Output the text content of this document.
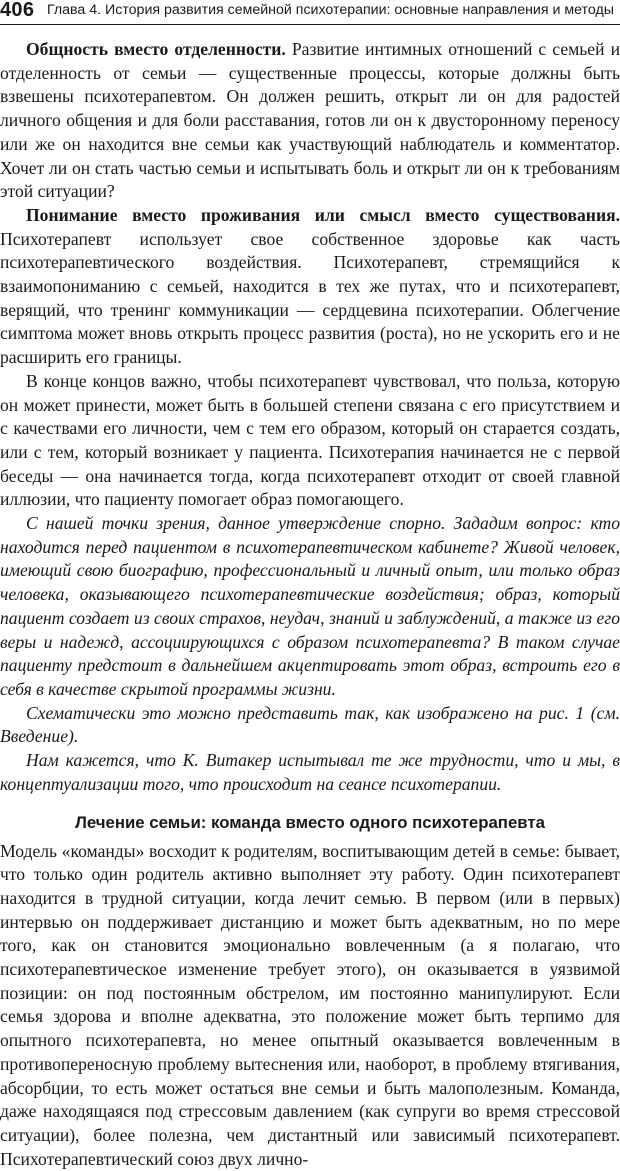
406 Глава 4. История развития семейной психотерапии: основные направления и методы

Общность вместо отделенности. Развитие интимных отношений с семьей и отделенность от семьи — существенные процессы, которые должны быть взвешены психотерапевтом. Он должен решить, открыт ли он для радостей личного общения и для боли расставания, готов ли он к двусторонному переносу или же он находится вне семьи как участвующий наблюдатель и комментатор. Хочет ли он стать частью семьи и испытывать боль и открыт ли он к требованиям этой ситуации?

Понимание вместо проживания или смысл вместо существования. Психотерапевт использует свое собственное здоровье как часть психотерапевтического воздействия. Психотерапевт, стремящийся к взаимопониманию с семьей, находится в тех же путах, что и психотерапевт, верящий, что тренинг коммуникации — сердцевина психотерапии. Облегчение симптома может вновь открыть процесс развития (роста), но не ускорить его и не расширить его границы.

В конце концов важно, чтобы психотерапевт чувствовал, что польза, которую он может принести, может быть в большей степени связана с его присутствием и с качествами его личности, чем с тем его образом, который он старается создать, или с тем, который возникает у пациента. Психотерапия начинается не с первой беседы — она начинается тогда, когда психотерапевт отходит от своей главной иллюзии, что пациенту помогает образ помогающего.

С нашей точки зрения, данное утверждение спорно. Зададим вопрос: кто находится перед пациентом в психотерапевтическом кабинете? Живой человек, имеющий свою биографию, профессиональный и личный опыт, или только образ человека, оказывающего психотерапевтические воздействия; образ, который пациент создает из своих страхов, неудач, знаний и заблуждений, а также из его веры и надежд, ассоциирующихся с образом психотерапевта? В таком случае пациенту предстоит в дальнейшем акцептировать этот образ, встроить его в себя в качестве скрытой программы жизни.

Схематически это можно представить так, как изображено на рис. 1 (см. Введение).

Нам кажется, что К. Витакер испытывал те же трудности, что и мы, в концептуализации того, что происходит на сеансе психотерапии.

Лечение семьи: команда вместо одного психотерапевта

Модель «команды» восходит к родителям, воспитывающим детей в семье: бывает, что только один родитель активно выполняет эту работу. Один психотерапевт находится в трудной ситуации, когда лечит семью. В первом (или в первых) интервью он поддерживает дистанцию и может быть адекватным, но по мере того, как он становится эмоционально вовлеченным (а я полагаю, что психотерапевтическое изменение требует этого), он оказывается в уязвимой позиции: он под постоянным обстрелом, им постоянно манипулируют. Если семья здорова и вполне адекватна, это положение может быть терпимо для опытного психотерапевта, но менее опытный оказывается вовлеченным в противопереносную проблему вытеснения или, наоборот, в проблему втягивания, абсорбции, то есть может остаться вне семьи и быть малополезным. Команда, даже находящаяся под стрессовым давлением (как супруги во время стрессовой ситуации), более полезна, чем дистантный или зависимый психотерапевт. Психотерапевтический союз двух лично-
